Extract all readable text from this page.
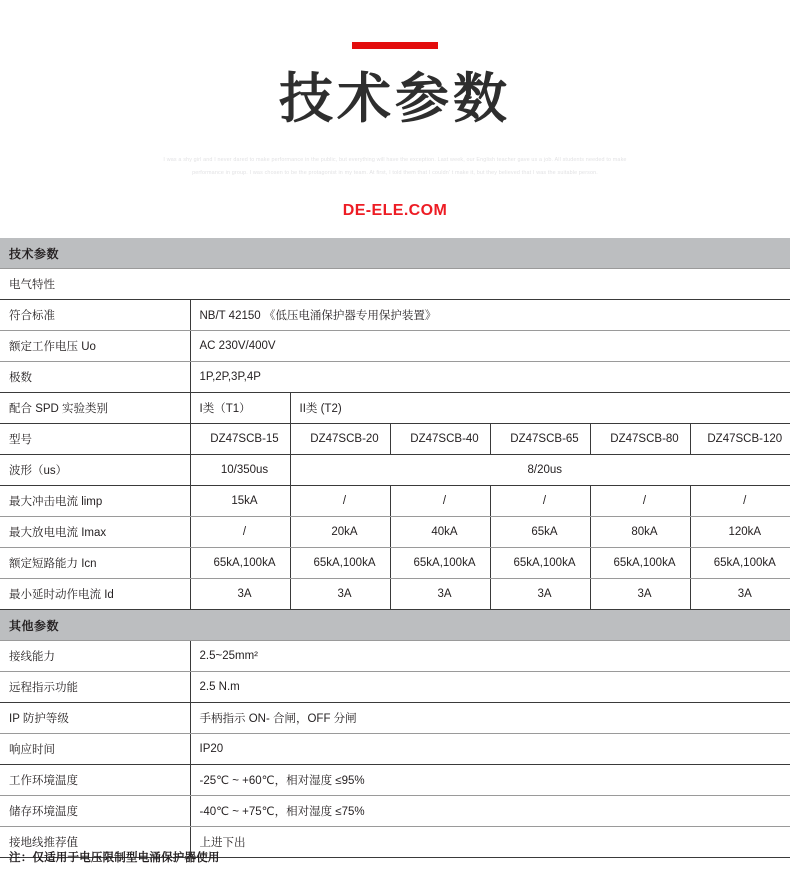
技术参数

I was a shy girl and I never dared to make performance in the public, but everything will have the exception. Last week, our English teacher gave us a job. All students needed to make performance in group. I was chosen to be the protagonist in my team. At first, I told them that I couldn' t make it, but they believed that I was the suitable person.

DE-ELE.COM
技术参数						
电气特性						
符合标准	NB/T 42150 《低压电涌保护器专用保护装置》					
额定工作电压 Uo	AC 230V/400V					
极数	1P,2P,3P,4P					
配合 SPD 实验类别	I类（T1）	II类 (T2)				
型号	DZ47SCB-15	DZ47SCB-20	DZ47SCB-40	DZ47SCB-65	DZ47SCB-80	DZ47SCB-120
波形（us）	10/350us	8/20us				
最大冲击电流 limp	15kA	/	/	/	/	/
最大放电电流 Imax	/	20kA	40kA	65kA	80kA	120kA
额定短路能力 Icn	65kA,100kA	65kA,100kA	65kA,100kA	65kA,100kA	65kA,100kA	65kA,100kA
最小延时动作电流 Id	3A	3A	3A	3A	3A	3A
其他参数						
接线能力	2.5~25mm²					
远程指示功能	2.5 N.m					
IP 防护等级	手柄指示 ON- 合闸，OFF 分闸					
响应时间	IP20					
工作环境温度	-25℃ ~ +60℃，相对湿度 ≤95%					
储存环境温度	-40℃ ~ +75℃，相对湿度 ≤75%					
接地线推荐值	上进下出					
注：仅适用于电压限制型电涌保护器使用
